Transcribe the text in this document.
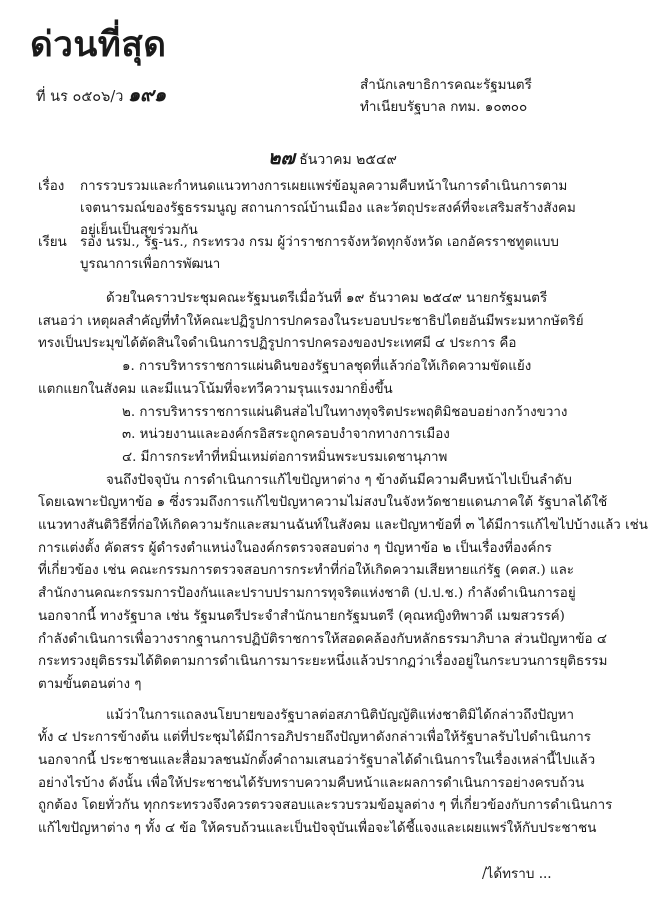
ด่วนที่สุด
ที่ นร ๐๕๐๖/ว ๑๙๑	สำนักเลขาธิการคณะรัฐมนตรี
ทำเนียบรัฐบาล กทม. ๑๐๓๐๐
๒๗ ธันวาคม ๒๕๔๙
เรื่อง	การรวบรวมและกำหนดแนวทางการเผยแพร่ข้อมูลความคืบหน้าในการดำเนินการตาม
เจตนารมณ์ของรัฐธรรมนูญ สถานการณ์บ้านเมือง และวัตถุประสงค์ที่จะเสริมสร้างสังคม
อยู่เย็นเป็นสุขร่วมกัน
เรียน รอง นรม., รัฐ-นร., กระทรวง กรม ผู้ว่าราชการจังหวัดทุกจังหวัด เอกอัครราชทูตแบบ
บูรณาการเพื่อการพัฒนา
ด้วยในคราวประชุมคณะรัฐมนตรีเมื่อวันที่ ๑๙ ธันวาคม ๒๕๔๙ นายกรัฐมนตรี
เสนอว่า เหตุผลสำคัญที่ทำให้คณะปฏิรูปการปกครองในระบอบประชาธิปไตยอันมีพระมหากษัตริย์
ทรงเป็นประมุขได้ตัดสินใจดำเนินการปฏิรูปการปกครองของประเทศมี ๔ ประการ คือ
๑. การบริหารราชการแผ่นดินของรัฐบาลชุดที่แล้วก่อให้เกิดความขัดแย้ง
แตกแยกในสังคม และมีแนวโน้มที่จะทวีความรุนแรงมากยิ่งขึ้น
๒. การบริหารราชการแผ่นดินส่อไปในทางทุจริตประพฤติมิชอบอย่างกว้างขวาง
๓. หน่วยงานและองค์กรอิสระถูกครอบงำจากทางการเมือง
๔. มีการกระทำที่หมิ่นเหม่ต่อการหมิ่นพระบรมเดชานุภาพ
จนถึงปัจจุบัน การดำเนินการแก้ไขปัญหาต่าง ๆ ข้างต้นมีความคืบหน้าไปเป็นลำดับ
โดยเฉพาะปัญหาข้อ ๑ ซึ่งรวมถึงการแก้ไขปัญหาความไม่สงบในจังหวัดชายแดนภาคใต้ รัฐบาลได้ใช้
แนวทางสันติวิธีที่ก่อให้เกิดความรักและสมานฉันท์ในสังคม และปัญหาข้อที่ ๓ ได้มีการแก้ไขไปบ้างแล้ว เช่น
การแต่งตั้ง คัดสรร ผู้ดำรงตำแหน่งในองค์กรตรวจสอบต่าง ๆ ปัญหาข้อ ๒ เป็นเรื่องที่องค์กร
ที่เกี่ยวข้อง เช่น คณะกรรมการตรวจสอบการกระทำที่ก่อให้เกิดความเสียหายแก่รัฐ (คตส.) และ
สำนักงานคณะกรรมการป้องกันและปราบปรามการทุจริตแห่งชาติ (ป.ป.ช.) กำลังดำเนินการอยู่
นอกจากนี้ ทางรัฐบาล เช่น รัฐมนตรีประจำสำนักนายกรัฐมนตรี (คุณหญิงทิพาวดี เมฆสวรรค์)
กำลังดำเนินการเพื่อวางรากฐานการปฏิบัติราชการให้สอดคล้องกับหลักธรรมาภิบาล ส่วนปัญหาข้อ ๔
กระทรวงยุติธรรมได้ติดตามการดำเนินการมาระยะหนึ่งแล้วปรากฏว่าเรื่องอยู่ในกระบวนการยุติธรรม
ตามขั้นตอนต่าง ๆ
แม้ว่าในการแถลงนโยบายของรัฐบาลต่อสภานิติบัญญัติแห่งชาติมิได้กล่าวถึงปัญหา
ทั้ง ๔ ประการข้างต้น แต่ที่ประชุมได้มีการอภิปรายถึงปัญหาดังกล่าวเพื่อให้รัฐบาลรับไปดำเนินการ
นอกจากนี้ ประชาชนและสื่อมวลชนมักตั้งคำถามเสนอว่ารัฐบาลได้ดำเนินการในเรื่องเหล่านี้ไปแล้ว
อย่างไรบ้าง ดังนั้น เพื่อให้ประชาชนได้รับทราบความคืบหน้าและผลการดำเนินการอย่างครบถ้วน
ถูกต้อง โดยทั่วกัน ทุกกระทรวงจึงควรตรวจสอบและรวบรวมข้อมูลต่าง ๆ ที่เกี่ยวข้องกับการดำเนินการ
แก้ไขปัญหาต่าง ๆ ทั้ง ๔ ข้อ ให้ครบถ้วนและเป็นปัจจุบันเพื่อจะได้ชี้แจงและเผยแพร่ให้กับประชาชน
/ได้ทราบ ...
